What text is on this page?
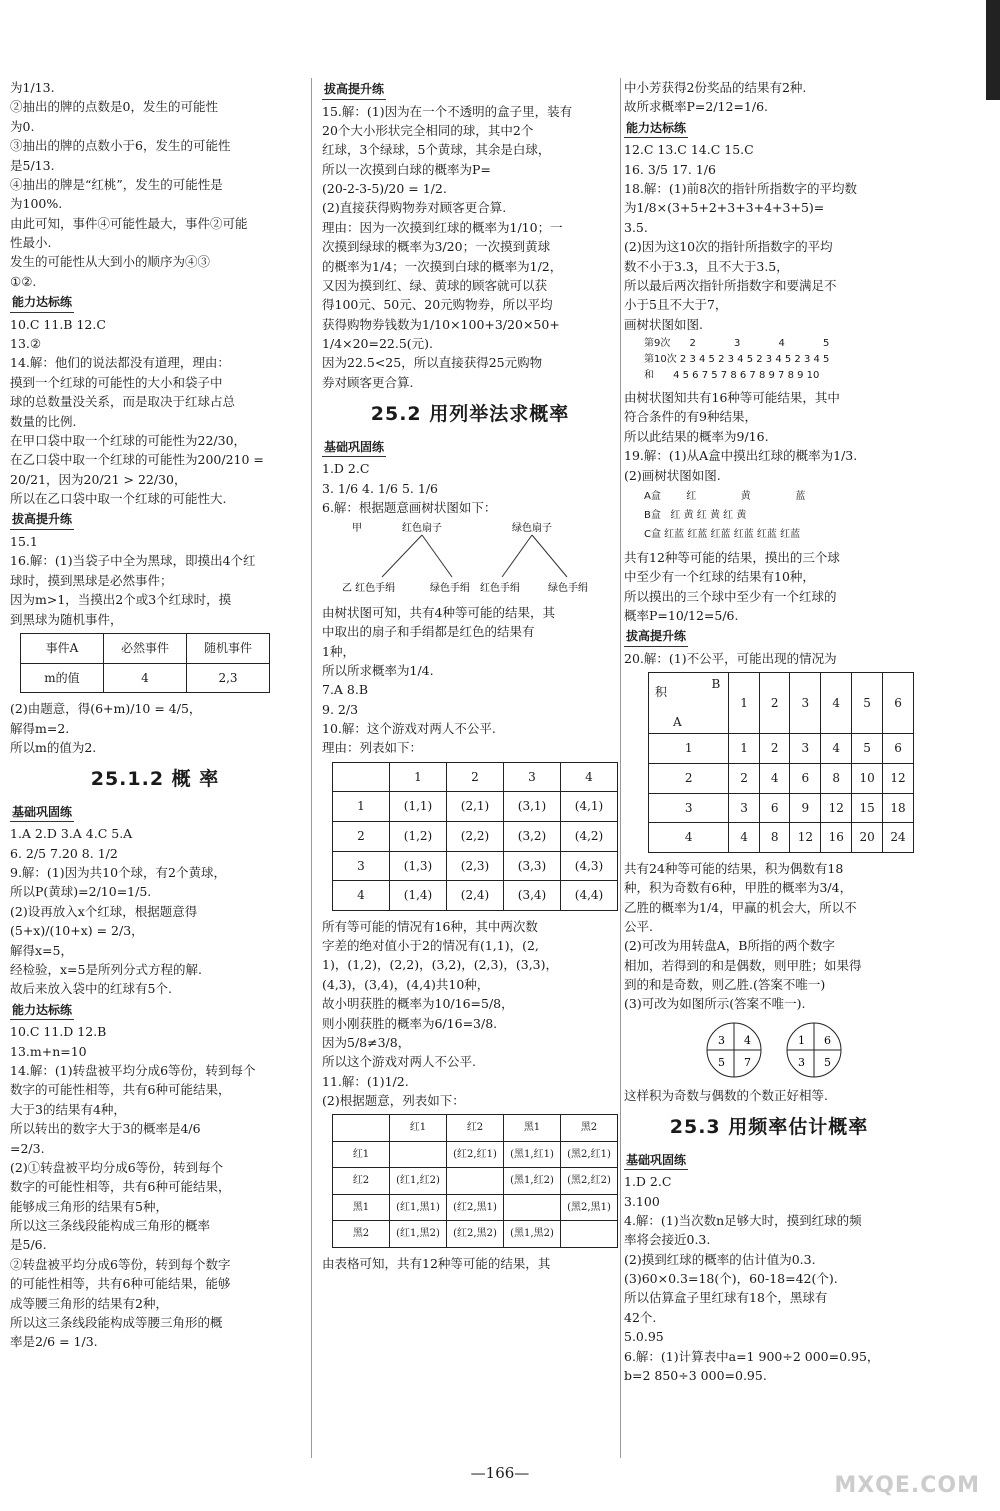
为1/13.
②抽出的牌的点数是0，发生的可能性
为0.
③抽出的牌的点数小于6，发生的可能性
是5/13.
④抽出的牌是“红桃”，发生的可能性是
为100%.
由此可知，事件④可能性最大，事件②可能
性最小.
发生的可能性从大到小的顺序为④③
①②.
能力达标练
10.C 11.B 12.C
13.②
14.解：他们的说法都没有道理，理由：
摸到一个红球的可能性的大小和袋子中
球的总数量没关系，而是取决于红球占总
数量的比例.
在甲口袋中取一个红球的可能性为22/30，
在乙口袋中取一个红球的可能性为200/210 =
20/21，因为20/21 > 22/30，
所以在乙口袋中取一个红球的可能性大.
拔高提升练
15.1
16.解：(1)当袋子中全为黑球，即摸出4个红
球时，摸到黑球是必然事件；
因为m>1，当摸出2个或3个红球时，摸
到黑球为随机事件，
事件A	必然事件	随机事件
m的值	4	2,3
(2)由题意，得(6+m)/10 = 4/5，
解得m=2.
所以m的值为2.
25.1.2 概 率
基础巩固练
1.A 2.D 3.A 4.C 5.A
6. 2/5 7.20 8. 1/2
9.解：(1)因为共10个球，有2个黄球，
所以P(黄球)=2/10=1/5.
(2)设再放入x个红球，根据题意得
(5+x)/(10+x) = 2/3，
解得x=5，
经检验，x=5是所列分式方程的解.
故后来放入袋中的红球有5个.
能力达标练
10.C 11.D 12.B
13.m+n=10
14.解：(1)转盘被平均分成6等份，转到每个
数字的可能性相等，共有6种可能结果，
大于3的结果有4种，
所以转出的数字大于3的概率是4/6
=2/3.
(2)①转盘被平均分成6等份，转到每个
数字的可能性相等，共有6种可能结果，
能够成三角形的结果有5种，
所以这三条线段能构成三角形的概率
是5/6.
②转盘被平均分成6等份，转到每个数字
的可能性相等，共有6种可能结果，能够
成等腰三角形的结果有2种，
所以这三条线段能构成等腰三角形的概
率是2/6 = 1/3.
拔高提升练
15.解：(1)因为在一个不透明的盒子里，装有
20个大小形状完全相同的球，其中2个
红球，3个绿球，5个黄球，其余是白球，
所以一次摸到白球的概率为P=
(20-2-3-5)/20 = 1/2.
(2)直接获得购物券对顾客更合算.
理由：因为一次摸到红球的概率为1/10；一
次摸到绿球的概率为3/20；一次摸到黄球
的概率为1/4；一次摸到白球的概率为1/2，
又因为摸到红、绿、黄球的顾客就可以获
得100元、50元、20元购物券，所以平均
获得购物券钱数为1/10×100+3/20×50+
1/4×20=22.5(元).
因为22.5<25，所以直接获得25元购物
券对顾客更合算.
25.2 用列举法求概率
基础巩固练
1.D 2.C
3. 1/6 4. 1/6 5. 1/6
6.解：根据题意画树状图如下：
甲	红色扇子	绿色扇子
乙 红色手绢	绿色手绢 红色手绢	绿色手绢
由树状图可知，共有4种等可能的结果，其
中取出的扇子和手绢都是红色的结果有
1种，
所以所求概率为1/4.
7.A 8.B
9. 2/3
10.解：这个游戏对两人不公平.
理由：列表如下：
	1	2	3	4
1	(1,1)	(2,1)	(3,1)	(4,1)
2	(1,2)	(2,2)	(3,2)	(4,2)
3	(1,3)	(2,3)	(3,3)	(4,3)
4	(1,4)	(2,4)	(3,4)	(4,4)
所有等可能的情况有16种，其中两次数
字差的绝对值小于2的情况有(1,1)，(2,
1)，(1,2)，(2,2)，(3,2)，(2,3)，(3,3)，
(4,3)，(3,4)，(4,4)共10种，
故小明获胜的概率为10/16=5/8，
则小刚获胜的概率为6/16=3/8.
因为5/8≠3/8，
所以这个游戏对两人不公平.
11.解：(1)1/2.
(2)根据题意，列表如下：
	红1	红2	黑1	黑2
红1		(红2,红1)	(黑1,红1)	(黑2,红1)
红2	(红1,红2)		(黑1,红2)	(黑2,红2)
黑1	(红1,黑1)	(红2,黑1)		(黑2,黑1)
黑2	(红1,黑2)	(红2,黑2)	(黑1,黑2)	
由表格可知，共有12种等可能的结果，其
中小芳获得2份奖品的结果有2种.
故所求概率P=2/12=1/6.
能力达标练
12.C 13.C 14.C 15.C
16. 3/5 17. 1/6
18.解：(1)前8次的指针所指数字的平均数
为1/8×(3+5+2+3+3+4+3+5)=
3.5.
(2)因为这10次的指针所指数字的平均
数不小于3.3，且不大于3.5，
所以最后两次指针所指数字和要满足不
小于5且不大于7，
画树状图如图.
第9次 2	3	4	5
第10次 2 3 4 5 2 3 4 5 2 3 4 5 2 3 4 5
和 4 5 6 7 5 7 8 6 7 8 9 7 8 9 10
由树状图知共有16种等可能结果，其中
符合条件的有9种结果，
所以此结果的概率为9/16.
19.解：(1)从A盒中摸出红球的概率为1/3.
(2)画树状图如图.
A盒	红	黄	蓝
B盒 红 黄 红 黄 红 黄
C盒 红蓝 红蓝 红蓝 红蓝 红蓝 红蓝
共有12种等可能的结果，摸出的三个球
中至少有一个红球的结果有10种，
所以摸出的三个球中至少有一个红球的
概率P=10/12=5/6.
拔高提升练
20.解：(1)不公平，可能出现的情况为
积
B
A	1	2	3	4	5	6
1	1	2	3	4	5	6
2	2	4	6	8	10	12
3	3	6	9	12	15	18
4	4	8	12	16	20	24
共有24种等可能的结果，积为偶数有18
种，积为奇数有6种，甲胜的概率为3/4，
乙胜的概率为1/4，甲赢的机会大，所以不
公平.
(2)可改为用转盘A，B所指的两个数字
相加，若得到的和是偶数，则甲胜；如果得
到的和是奇数，则乙胜.(答案不唯一)
(3)可改为如图所示(答案不唯一).
3 4
5 7
1 6
3 5
这样积为奇数与偶数的个数正好相等.
25.3 用频率估计概率
基础巩固练
1.D 2.C
3.100
4.解：(1)当次数n足够大时，摸到红球的频
率将会接近0.3.
(2)摸到红球的概率的估计值为0.3.
(3)60×0.3=18(个)，60-18=42(个).
所以估算盒子里红球有18个，黑球有
42个.
5.0.95
6.解：(1)计算表中a=1 900÷2 000=0.95，
b=2 850÷3 000=0.95.
—166—	MXQE.COM
